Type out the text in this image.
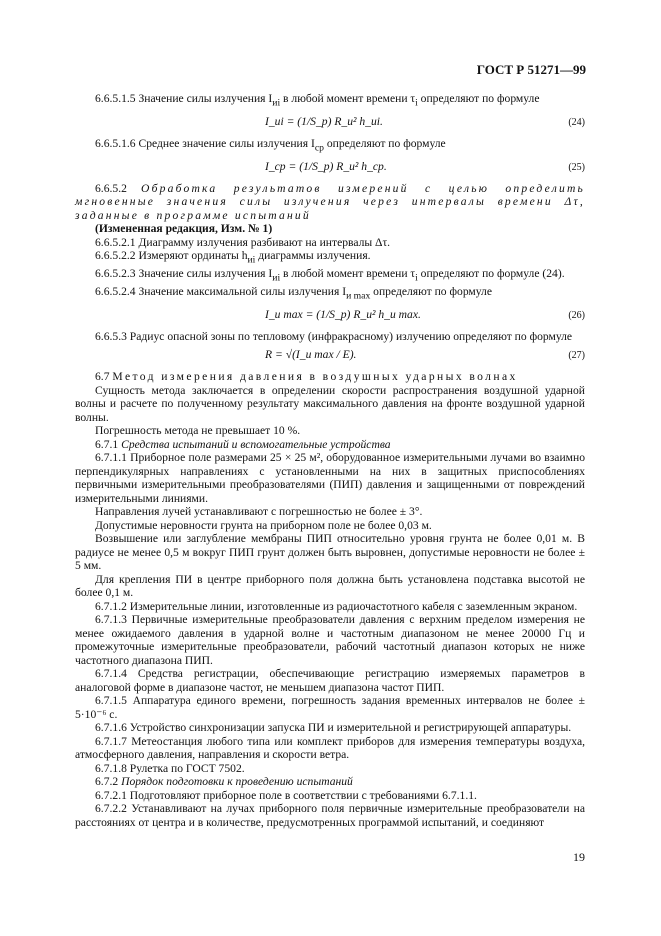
ГОСТ Р 51271—99

6.6.5.1.5 Значение силы излучения $I_{иi}$ в любой момент времени $\tau_i$ определяют по формуле

I_иi = (1/S_р) R_и² h_иi.	(24)

6.6.5.1.6 Среднее значение силы излучения $I_{ср}$ определяют по формуле

I_ср = (1/S_р) R_и² h_ср.	(25)

6.6.5.2 Обработка результатов измерений с целью определить мгновенные значения силы излучения через интервалы времени Δτ, заданные в программе испытаний

(Измененная редакция, Изм. № 1)

6.6.5.2.1 Диаграмму излучения разбивают на интервалы Δτ.

6.6.5.2.2 Измеряют ординаты $h_{иi}$ диаграммы излучения.

6.6.5.2.3 Значение силы излучения $I_{иi}$ в любой момент времени $\tau_i$ определяют по формуле (24).

6.6.5.2.4 Значение максимальной силы излучения $I_{и max}$ определяют по формуле

I_и max = (1/S_р) R_и² h_и max.	(26)

6.6.5.3 Радиус опасной зоны по тепловому (инфракрасному) излучению определяют по формуле

R = √(I_и max / E).	(27)

6.7 Метод измерения давления в воздушных ударных волнах

Сущность метода заключается в определении скорости распространения воздушной ударной волны и расчете по полученному результату максимального давления на фронте воздушной ударной волны.

Погрешность метода не превышает 10 %.

6.7.1 Средства испытаний и вспомогательные устройства

6.7.1.1 Приборное поле размерами 25 × 25 м², оборудованное измерительными лучами во взаимно перпендикулярных направлениях с установленными на них в защитных приспособлениях первичными измерительными преобразователями (ПИП) давления и защищенными от повреждений измерительными линиями.

Направления лучей устанавливают с погрешностью не более ± 3°.

Допустимые неровности грунта на приборном поле не более 0,03 м.

Возвышение или заглубление мембраны ПИП относительно уровня грунта не более 0,01 м. В радиусе не менее 0,5 м вокруг ПИП грунт должен быть выровнен, допустимые неровности не более ± 5 мм.

Для крепления ПИ в центре приборного поля должна быть установлена подставка высотой не более 0,1 м.

6.7.1.2 Измерительные линии, изготовленные из радиочастотного кабеля с заземленным экраном.

6.7.1.3 Первичные измерительные преобразователи давления с верхним пределом измерения не менее ожидаемого давления в ударной волне и частотным диапазоном не менее 20000 Гц и промежуточные измерительные преобразователи, рабочий частотный диапазон которых не ниже частотного диапазона ПИП.

6.7.1.4 Средства регистрации, обеспечивающие регистрацию измеряемых параметров в аналоговой форме в диапазоне частот, не меньшем диапазона частот ПИП.

6.7.1.5 Аппаратура единого времени, погрешность задания временных интервалов не более ± 5·10⁻⁶ с.

6.7.1.6 Устройство синхронизации запуска ПИ и измерительной и регистрирующей аппаратуры.

6.7.1.7 Метеостанция любого типа или комплект приборов для измерения температуры воздуха, атмосферного давления, направления и скорости ветра.

6.7.1.8 Рулетка по ГОСТ 7502.

6.7.2 Порядок подготовки к проведению испытаний

6.7.2.1 Подготовляют приборное поле в соответствии с требованиями 6.7.1.1.

6.7.2.2 Устанавливают на лучах приборного поля первичные измерительные преобразователи на расстояниях от центра и в количестве, предусмотренных программой испытаний, и соединяют

19
